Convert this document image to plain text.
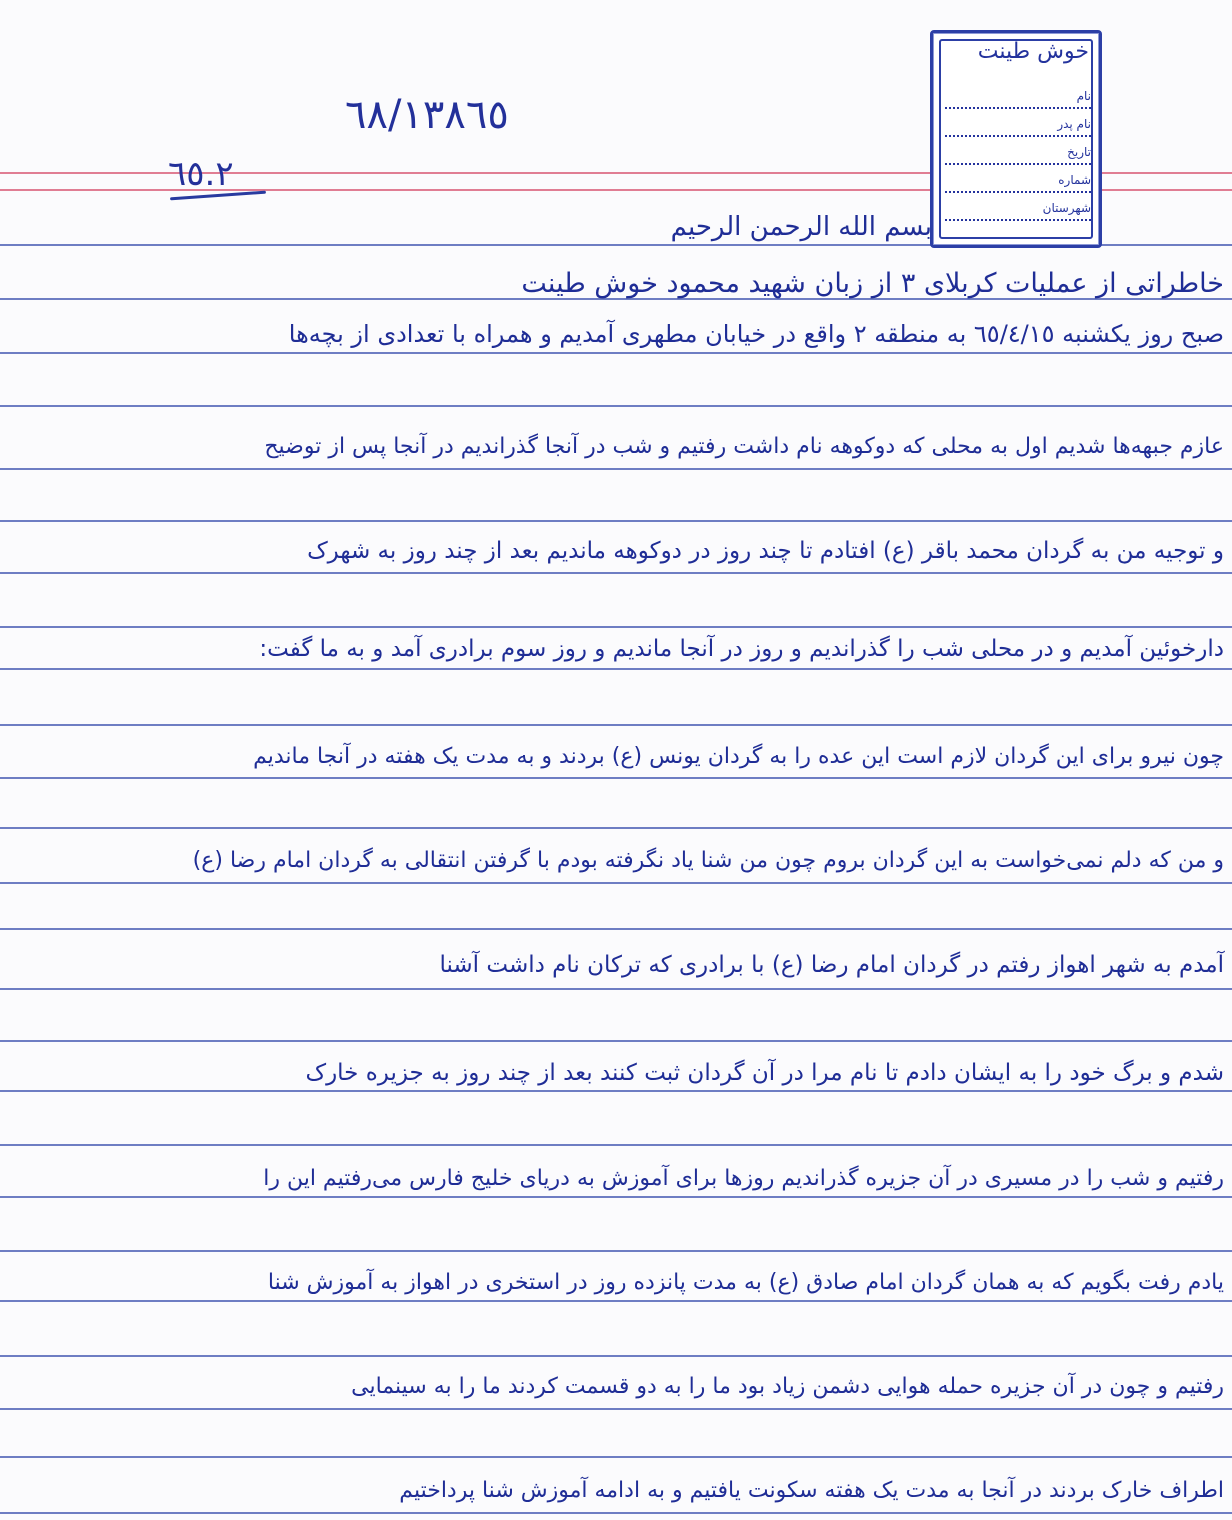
٦٨/١٣٨٦٥
٦٥.٢
خوش طینت
نام
نام پدر
تاریخ
شماره
شهرستان
بسم الله الرحمن الرحیم
خاطراتی از عملیات کربلای ۳ از زبان شهید محمود خوش طینت
صبح روز یکشنبه ٦٥/٤/١٥ به منطقه ٢ واقع در خیابان مطهری آمدیم و همراه با تعدادی از بچه‌ها
عازم جبهه‌ها شدیم اول به محلی که دوکوهه نام داشت رفتیم و شب در آنجا گذراندیم در آنجا پس از توضیح
و توجیه من به گردان محمد باقر (ع) افتادم تا چند روز در دوکوهه ماندیم بعد از چند روز به شهرک
دارخوئین آمدیم و در محلی شب را گذراندیم و روز در آنجا ماندیم و روز سوم برادری آمد و به ما گفت:
چون نیرو برای این گردان لازم است این عده را به گردان یونس (ع) بردند و به مدت یک هفته در آنجا ماندیم
و من که دلم نمی‌خواست به این گردان بروم چون من شنا یاد نگرفته بودم با گرفتن انتقالی به گردان امام رضا (ع)
آمدم به شهر اهواز رفتم در گردان امام رضا (ع) با برادری که ترکان نام داشت آشنا
شدم و برگ خود را به ایشان دادم تا نام مرا در آن گردان ثبت کنند بعد از چند روز به جزیره خارک
رفتیم و شب را در مسیری در آن جزیره گذراندیم روزها برای آموزش به دریای خلیج فارس می‌رفتیم این را
یادم رفت بگویم که به همان گردان امام صادق (ع) به مدت پانزده روز در استخری در اهواز به آموزش شنا
رفتیم و چون در آن جزیره حمله هوایی دشمن زیاد بود ما را به دو قسمت کردند ما را به سینمایی
اطراف خارک بردند در آنجا به مدت یک هفته سکونت یافتیم و به ادامه آموزش شنا پرداختیم
